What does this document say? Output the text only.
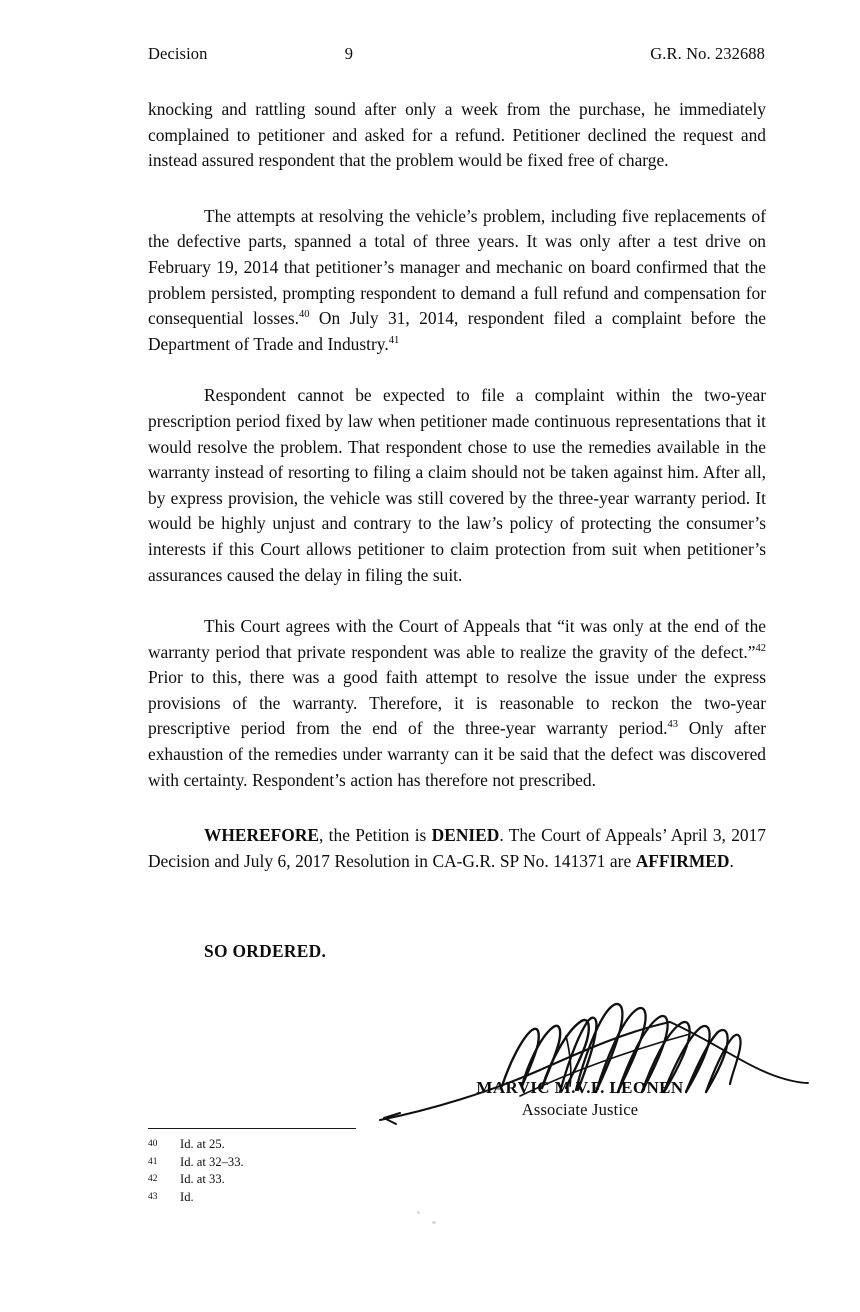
Decision	9	G.R. No. 232688

knocking and rattling sound after only a week from the purchase, he immediately complained to petitioner and asked for a refund. Petitioner declined the request and instead assured respondent that the problem would be fixed free of charge.

The attempts at resolving the vehicle’s problem, including five replacements of the defective parts, spanned a total of three years. It was only after a test drive on February 19, 2014 that petitioner’s manager and mechanic on board confirmed that the problem persisted, prompting respondent to demand a full refund and compensation for consequential losses.$^{40}$ On July 31, 2014, respondent filed a complaint before the Department of Trade and Industry.$^{41}$

Respondent cannot be expected to file a complaint within the two-year prescription period fixed by law when petitioner made continuous representations that it would resolve the problem. That respondent chose to use the remedies available in the warranty instead of resorting to filing a claim should not be taken against him. After all, by express provision, the vehicle was still covered by the three-year warranty period. It would be highly unjust and contrary to the law’s policy of protecting the consumer’s interests if this Court allows petitioner to claim protection from suit when petitioner’s assurances caused the delay in filing the suit.

This Court agrees with the Court of Appeals that “it was only at the end of the warranty period that private respondent was able to realize the gravity of the defect.”$^{42}$ Prior to this, there was a good faith attempt to resolve the issue under the express provisions of the warranty. Therefore, it is reasonable to reckon the two-year prescriptive period from the end of the three-year warranty period.$^{43}$ Only after exhaustion of the remedies under warranty can it be said that the defect was discovered with certainty. Respondent’s action has therefore not prescribed.

WHEREFORE, the Petition is DENIED. The Court of Appeals’ April 3, 2017 Decision and July 6, 2017 Resolution in CA-G.R. SP No. 141371 are AFFIRMED.

SO ORDERED.
MARVIC M.V.F. LEONEN
Associate Justice
40	Id. at 25.
41	Id. at 32–33.
42	Id. at 33.
43	Id.
